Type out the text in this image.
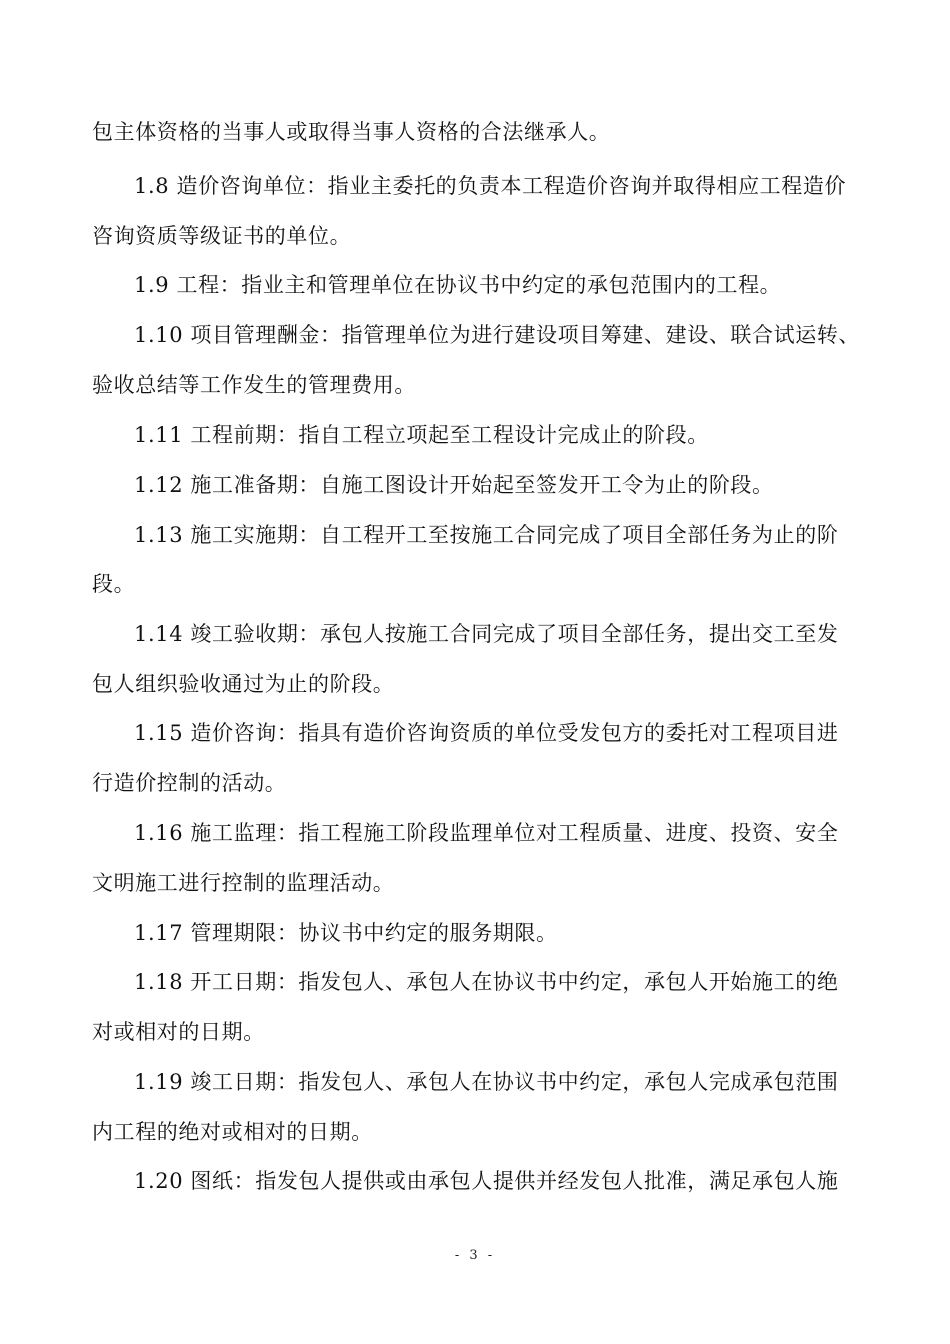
包主体资格的当事人或取得当事人资格的合法继承人。
1.8 造价咨询单位：指业主委托的负责本工程造价咨询并取得相应工程造价
咨询资质等级证书的单位。
1.9 工程：指业主和管理单位在协议书中约定的承包范围内的工程。
1.10 项目管理酬金：指管理单位为进行建设项目筹建、建设、联合试运转、
验收总结等工作发生的管理费用。
1.11 工程前期：指自工程立项起至工程设计完成止的阶段。
1.12 施工准备期：自施工图设计开始起至签发开工令为止的阶段。
1.13 施工实施期：自工程开工至按施工合同完成了项目全部任务为止的阶
段。
1.14 竣工验收期：承包人按施工合同完成了项目全部任务，提出交工至发
包人组织验收通过为止的阶段。
1.15 造价咨询：指具有造价咨询资质的单位受发包方的委托对工程项目进
行造价控制的活动。
1.16 施工监理：指工程施工阶段监理单位对工程质量、进度、投资、安全
文明施工进行控制的监理活动。
1.17 管理期限：协议书中约定的服务期限。
1.18 开工日期：指发包人、承包人在协议书中约定，承包人开始施工的绝
对或相对的日期。
1.19 竣工日期：指发包人、承包人在协议书中约定，承包人完成承包范围
内工程的绝对或相对的日期。
1.20 图纸：指发包人提供或由承包人提供并经发包人批准，满足承包人施
- 3 -
